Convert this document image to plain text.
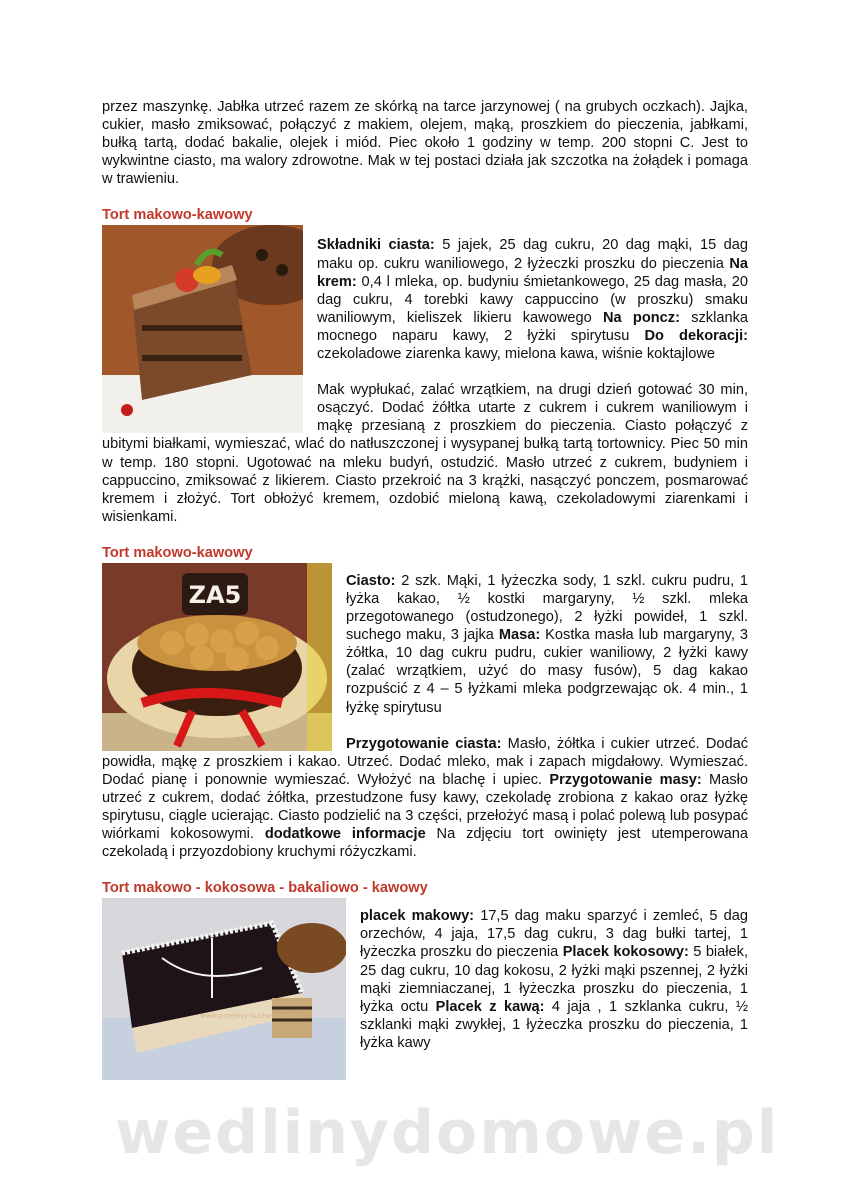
przez maszynkę. Jabłka utrzeć razem ze skórką na tarce jarzynowej ( na grubych oczkach). Jajka, cukier, masło zmiksować, połączyć z makiem, olejem, mąką, proszkiem do pieczenia, jabłkami, bułką tartą, dodać bakalie, olejek i miód. Piec około 1 godziny w temp. 200 stopni C. Jest to wykwintne ciasto, ma walory zdrowotne. Mak w tej postaci działa jak szczotka na żołądek i pomaga w trawieniu.

Tort makowo-kawowy

Składniki ciasta: 5 jajek, 25 dag cukru, 20 dag mąki, 15 dag maku op. cukru waniliowego, 2 łyżeczki proszku do pieczenia Na krem: 0,4 l mleka, op. budyniu śmietankowego, 25 dag masła, 20 dag cukru, 4 torebki kawy cappuccino (w proszku) smaku waniliowym, kieliszek likieru kawowego Na poncz: szklanka mocnego naparu kawy, 2 łyżki spirytusu Do dekoracji: czekoladowe ziarenka kawy, mielona kawa, wiśnie koktajlowe

Mak wypłukać, zalać wrzątkiem, na drugi dzień gotować 30 min, osączyć. Dodać żółtka utarte z cukrem i cukrem waniliowym i mąkę przesianą z proszkiem do pieczenia. Ciasto połączyć z ubitymi białkami, wymieszać, wlać do natłuszczonej i wysypanej bułką tartą tortownicy. Piec 50 min w temp. 180 stopni. Ugotować na mleku budyń, ostudzić. Masło utrzeć z cukrem, budyniem i cappuccino, zmiksować z likierem. Ciasto przekroić na 3 krążki, nasączyć ponczem, posmarować kremem i złożyć. Tort obłożyć kremem, ozdobić mieloną kawą, czekoladowymi ziarenkami i wisienkami.

Tort makowo-kawowy
ZA5	Ciasto: 2 szk. Mąki, 1 łyżeczka sody, 1 szkl. cukru pudru, 1 łyżka kakao, ½ kostki margaryny, ½ szkl. mleka przegotowanego (ostudzonego), 2 łyżki powideł, 1 szkl. suchego maku, 3 jajka Masa: Kostka masła lub margaryny, 3 żółtka, 10 dag cukru pudru, cukier waniliowy, 2 łyżki kawy (zalać wrzątkiem, użyć do masy fusów), 5 dag kakao rozpuścić z 4 – 5 łyżkami mleka podgrzewając ok. 4 min., 1 łyżkę spirytusu

Przygotowanie ciasta: Masło, żółtka i cukier utrzeć. Dodać powidła, mąkę z proszkiem i kakao. Utrzeć. Dodać mleko, mak i zapach migdałowy. Wymieszać. Dodać pianę i ponownie wymieszać. Wyłożyć na blachę i upiec. Przygotowanie masy: Masło utrzeć z cukrem, dodać żółtka, przestudzone fusy kawy, czekoladę zrobiona z kakao oraz łyżkę spirytusu, ciągle ucierając. Ciasto podzielić na 3 części, przełożyć masą i polać polewą lub posypać wiórkami kokosowymi. dodatkowe informacje Na zdjęciu tort owinięty jest utemperowana czekoladą i przyozdobiony kruchymi różyczkami.

Tort makowo - kokosowa - bakaliowo - kawowy
www.przepisy-kuchenne.info

placek makowy: 17,5 dag maku sparzyć i zemleć, 5 dag orzechów, 4 jaja, 17,5 dag cukru, 3 dag bułki tartej, 1 łyżeczka proszku do pieczenia Placek kokosowy: 5 białek, 25 dag cukru, 10 dag kokosu, 2 łyżki mąki pszennej, 2 łyżki mąki ziemniaczanej, 1 łyżeczka proszku do pieczenia, 1 łyżka octu Placek z kawą: 4 jaja , 1 szklanka cukru, ½ szklanki mąki zwykłej, 1 łyżeczka proszku do pieczenia, 1 łyżka kawy

wedlinydomowe.pl
